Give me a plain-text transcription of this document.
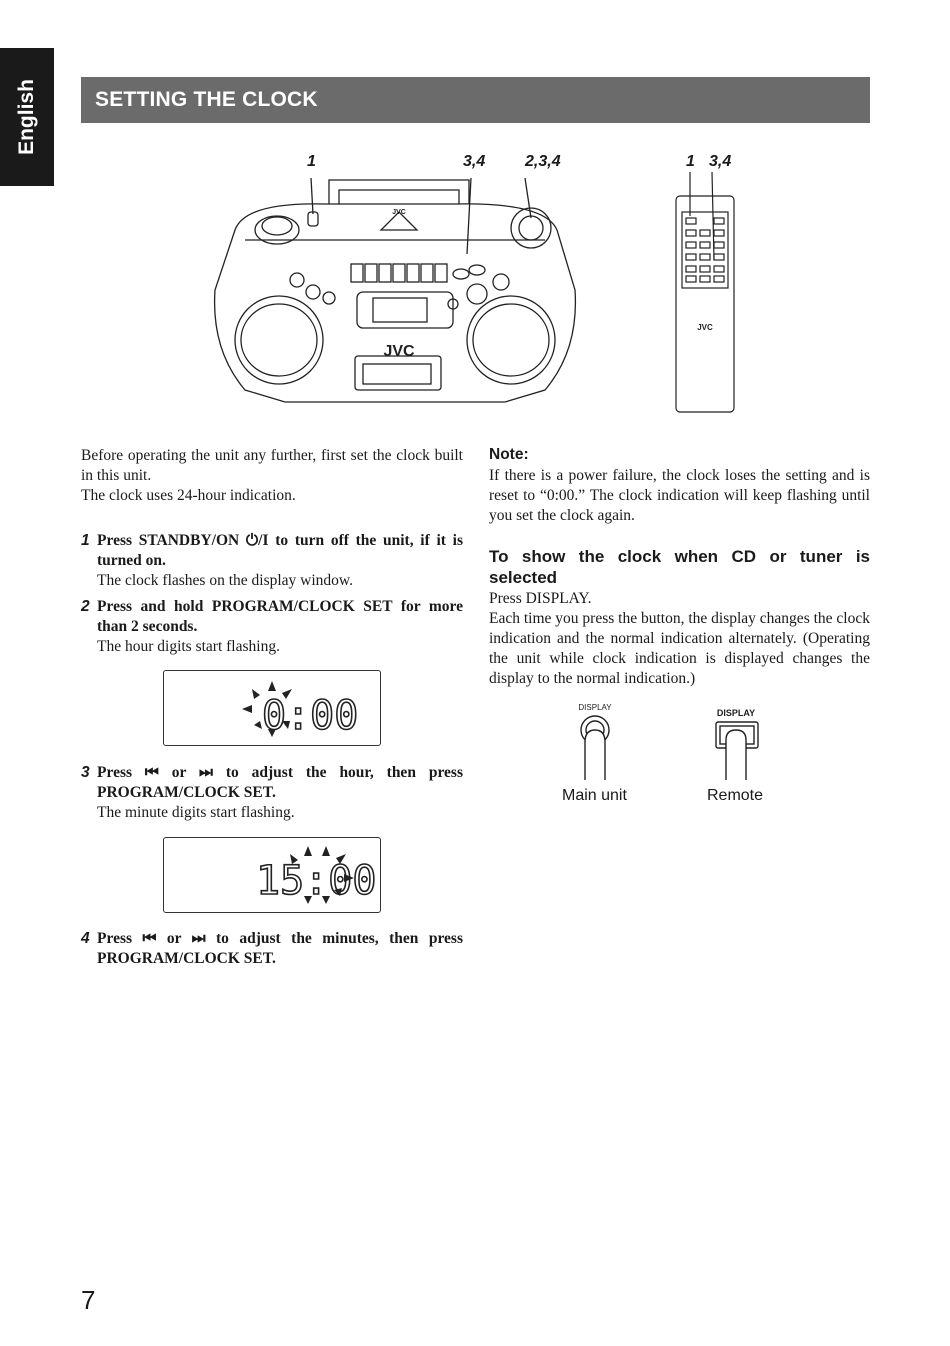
English	SETTING THE CLOCK
1	3,4 2,3,4	1 3,4
JVC
JVC
JVC

Before operating the unit any further, first set the clock built in this unit.

The clock uses 24-hour indication.

1 Press STANDBY/ON ⏻/I to turn off the unit, if it is turned on.
The clock flashes on the display window.
2 Press and hold PROGRAM/CLOCK SET for more than 2 seconds.
The hour digits start flashing.
0:00
3 Press ⏮ or ⏭ to adjust the hour, then press PROGRAM/CLOCK SET.
The minute digits start flashing.
15:00
4 Press ⏮ or ⏭ to adjust the minutes, then press PROGRAM/CLOCK SET.
Note:
If there is a power failure, the clock loses the setting and is reset to “0:00.” The clock indication will keep flashing until you set the clock again.
To show the clock when CD or tuner is selected

Press DISPLAY.

Each time you press the button, the display changes the clock indication and the normal indication alternately. (Operating the unit while clock indication is displayed changes the display to the normal indication.)

DISPLAY
DISPLAY
Main unit	Remote
7
